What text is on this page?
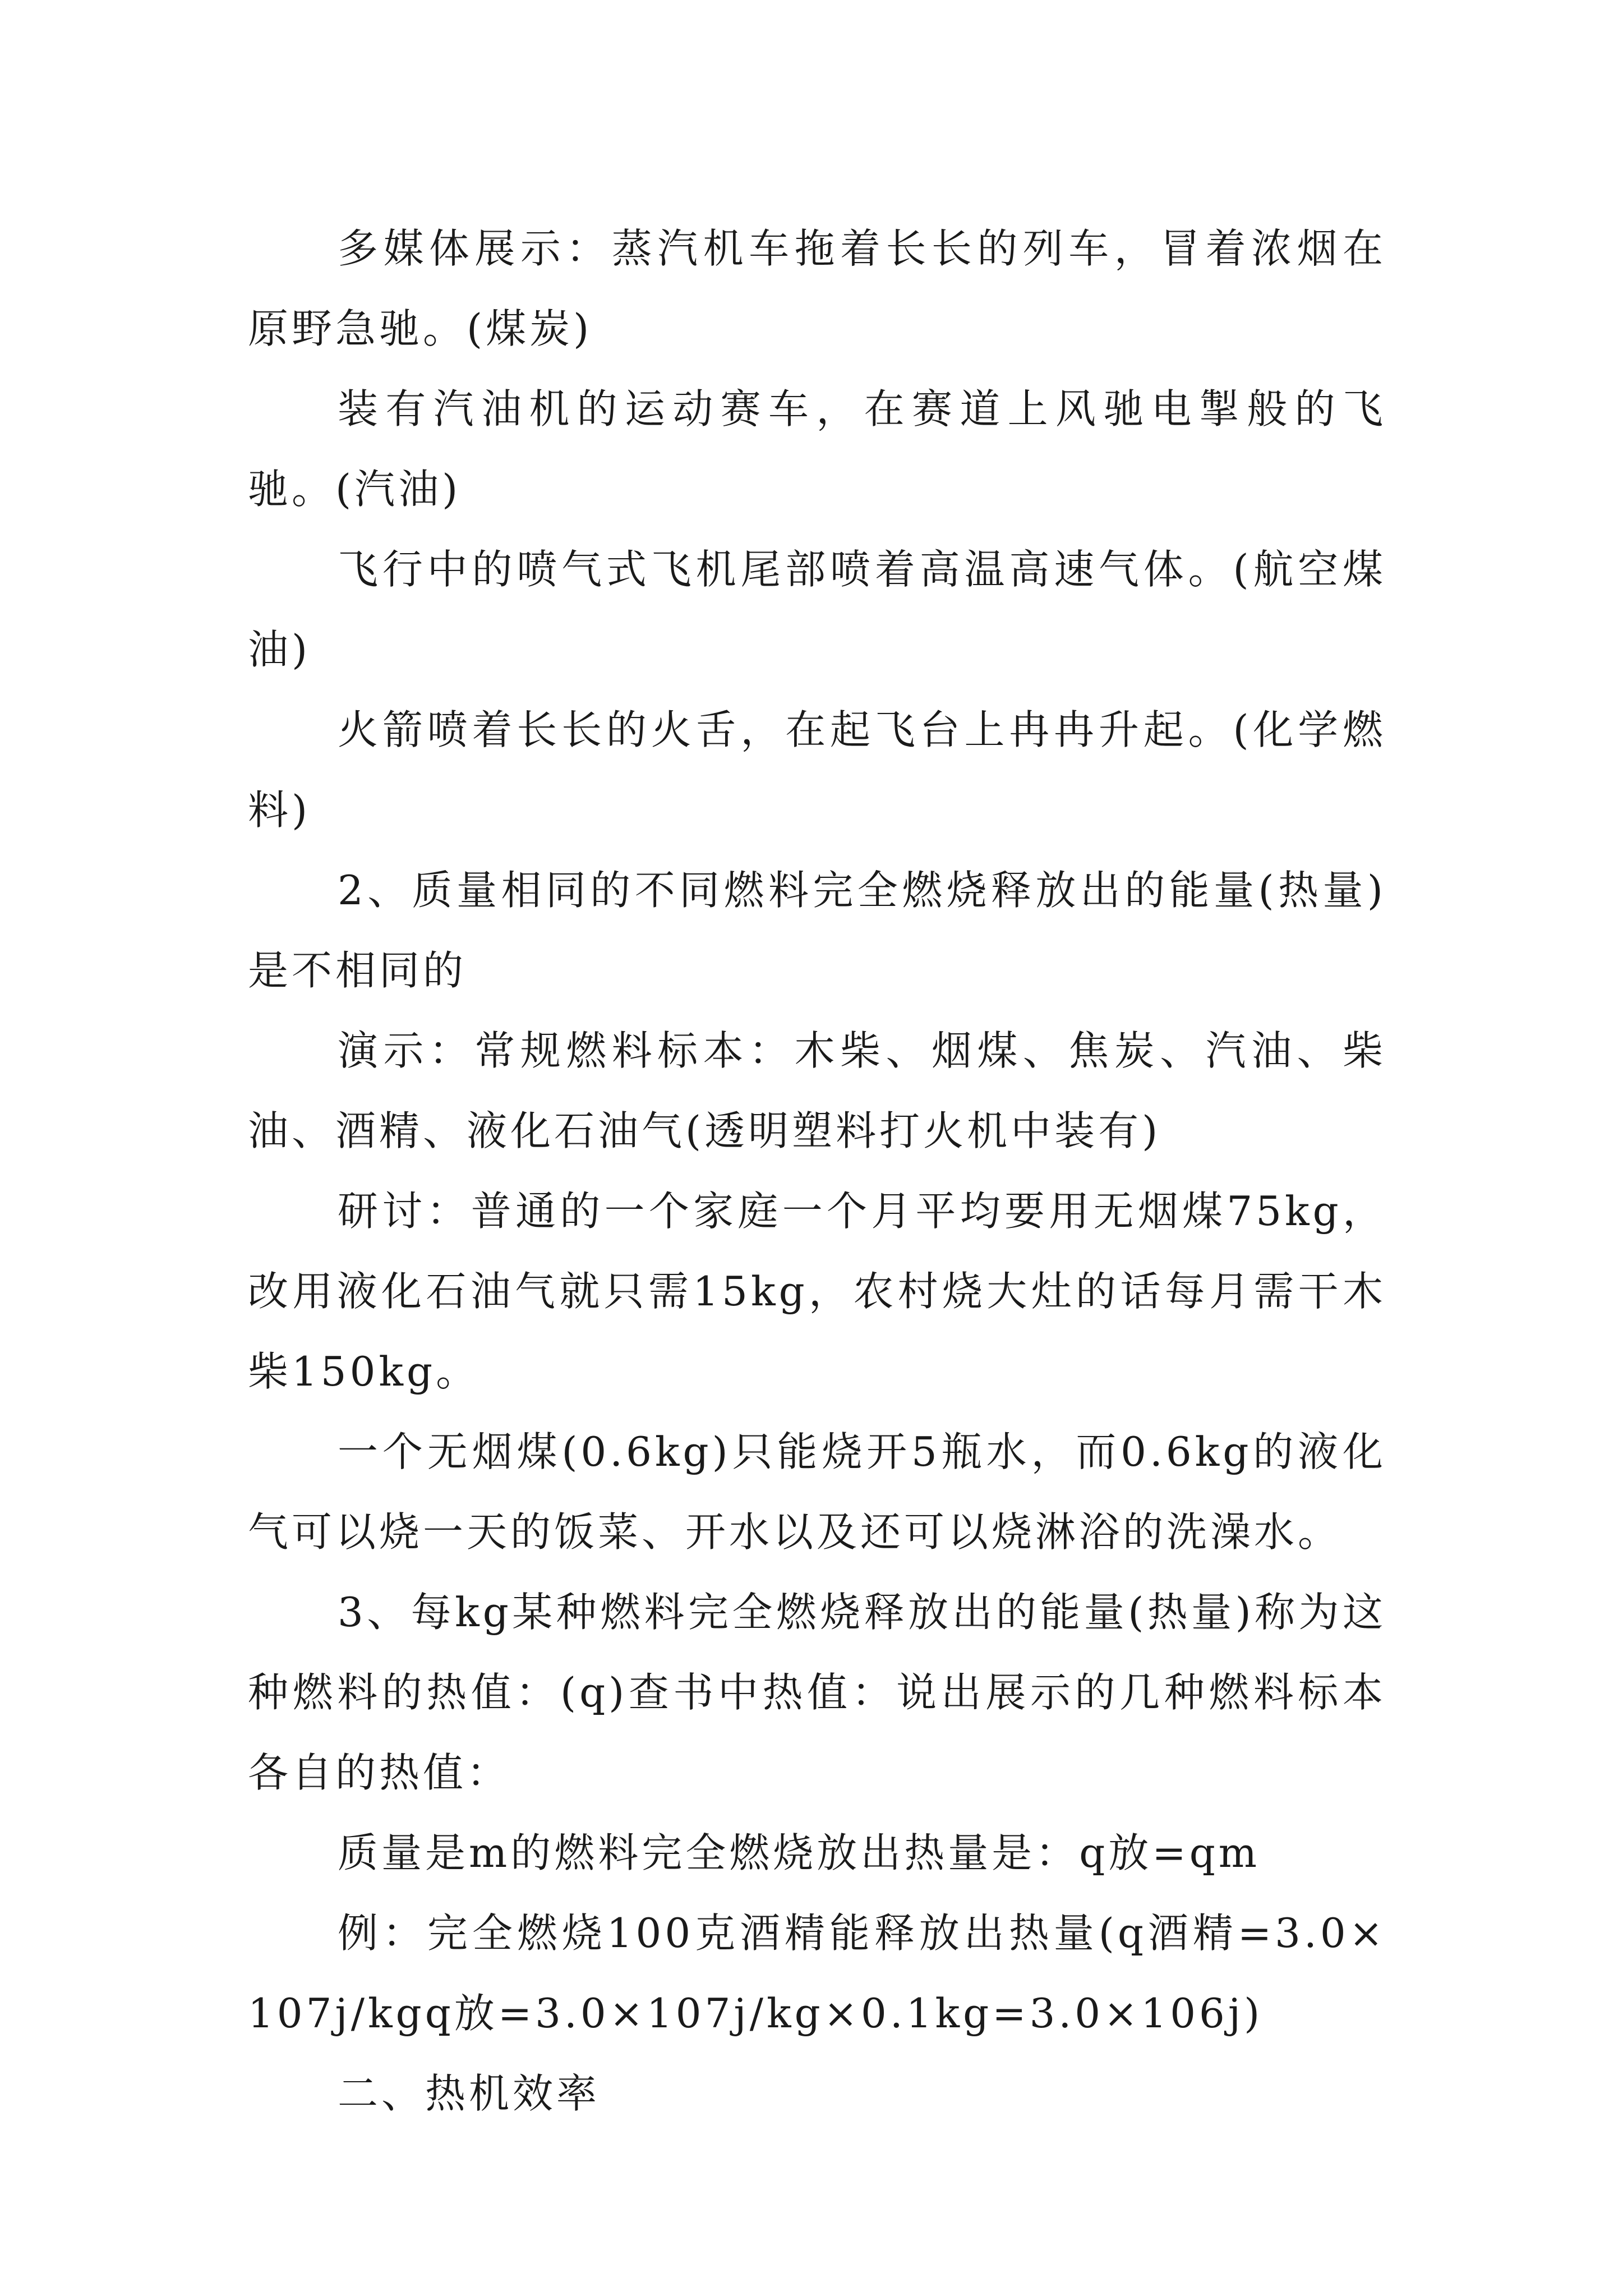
多媒体展示：蒸汽机车拖着长长的列车，冒着浓烟在原野急驰。(煤炭)

装有汽油机的运动赛车，在赛道上风驰电掣般的飞驰。(汽油)

飞行中的喷气式飞机尾部喷着高温高速气体。(航空煤油)

火箭喷着长长的火舌，在起飞台上冉冉升起。(化学燃料)

2、质量相同的不同燃料完全燃烧释放出的能量(热量)是不相同的

演示：常规燃料标本：木柴、烟煤、焦炭、汽油、柴油、酒精、液化石油气(透明塑料打火机中装有)

研讨：普通的一个家庭一个月平均要用无烟煤75kg，改用液化石油气就只需15kg，农村烧大灶的话每月需干木柴150kg。

一个无烟煤(0.6kg)只能烧开5瓶水，而0.6kg的液化气可以烧一天的饭菜、开水以及还可以烧淋浴的洗澡水。

3、每kg某种燃料完全燃烧释放出的能量(热量)称为这种燃料的热值：(q)查书中热值：说出展示的几种燃料标本各自的热值：

质量是m的燃料完全燃烧放出热量是：q放=qm

例：完全燃烧100克酒精能释放出热量(q酒精=3.0×107j/kgq放=3.0×107j/kg×0.1kg=3.0×106j)

二、热机效率
